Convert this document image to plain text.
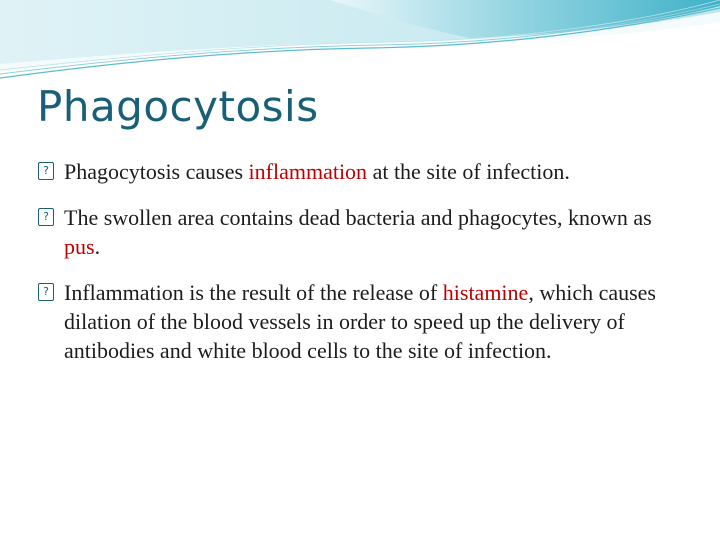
Phagocytosis
? Phagocytosis causes inflammation at the site of infection.
? The swollen area contains dead bacteria and phagocytes, known as pus.
? Inflammation is the result of the release of histamine, which causes dilation of the blood vessels in order to speed up the delivery of antibodies and white blood cells to the site of infection.
